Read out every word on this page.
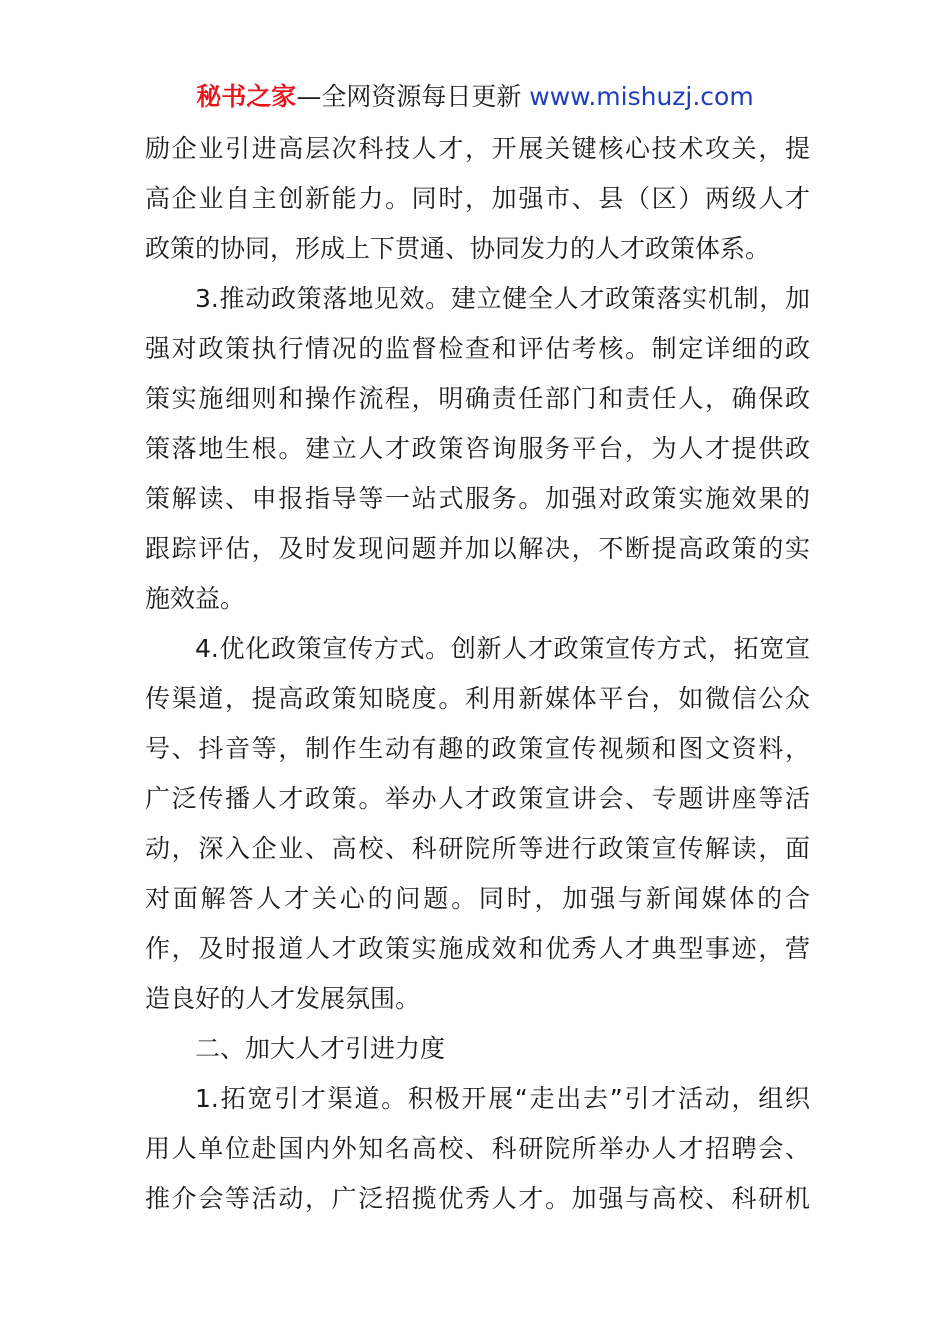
秘书之家—全网资源每日更新 www.mishuzj.com
励企业引进高层次科技人才，开展关键核心技术攻关，提
高企业自主创新能力。同时，加强市、县（区）两级人才
政策的协同，形成上下贯通、协同发力的人才政策体系。
3.推动政策落地见效。建立健全人才政策落实机制，加
强对政策执行情况的监督检查和评估考核。制定详细的政
策实施细则和操作流程，明确责任部门和责任人，确保政
策落地生根。建立人才政策咨询服务平台，为人才提供政
策解读、申报指导等一站式服务。加强对政策实施效果的
跟踪评估，及时发现问题并加以解决，不断提高政策的实
施效益。
4.优化政策宣传方式。创新人才政策宣传方式，拓宽宣
传渠道，提高政策知晓度。利用新媒体平台，如微信公众
号、抖音等，制作生动有趣的政策宣传视频和图文资料，
广泛传播人才政策。举办人才政策宣讲会、专题讲座等活
动，深入企业、高校、科研院所等进行政策宣传解读，面
对面解答人才关心的问题。同时，加强与新闻媒体的合
作，及时报道人才政策实施成效和优秀人才典型事迹，营
造良好的人才发展氛围。
二、加大人才引进力度
1.拓宽引才渠道。积极开展“走出去”引才活动，组织
用人单位赴国内外知名高校、科研院所举办人才招聘会、
推介会等活动，广泛招揽优秀人才。加强与高校、科研机
